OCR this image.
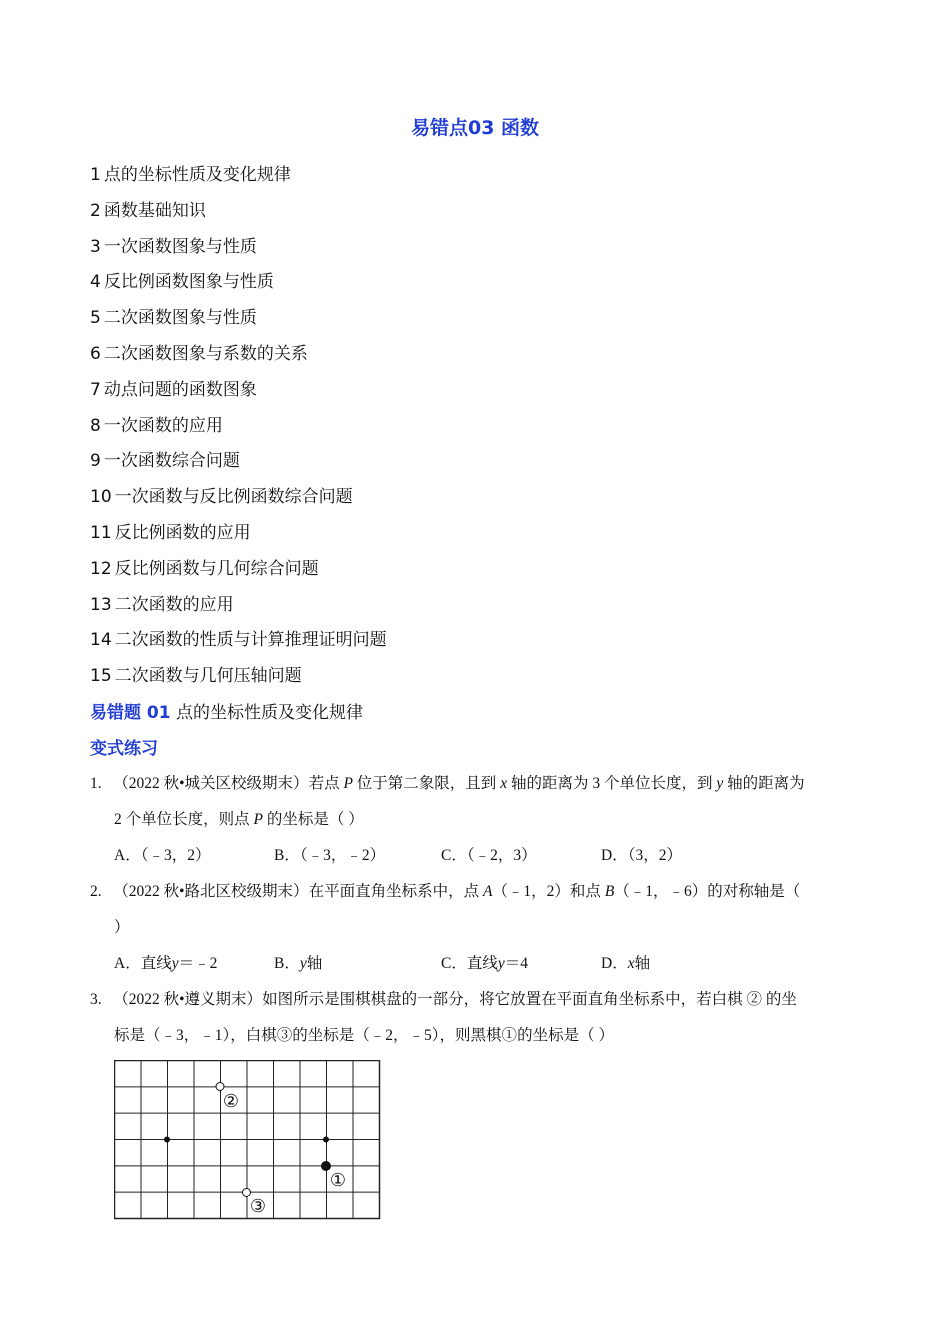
易错点03 函数
1 点的坐标性质及变化规律
2 函数基础知识
3 一次函数图象与性质
4 反比例函数图象与性质
5 二次函数图象与性质
6 二次函数图象与系数的关系
7 动点问题的函数图象
8 一次函数的应用
9 一次函数综合问题
10 一次函数与反比例函数综合问题
11 反比例函数的应用
12 反比例函数与几何综合问题
13 二次函数的应用
14 二次函数的性质与计算推理证明问题
15 二次函数与几何压轴问题
易错题 01 点的坐标性质及变化规律
变式练习
1. （2022 秋•城关区校级期末）若点 P 位于第二象限，且到 x 轴的距离为 3 个单位长度，到 y 轴的距离为
2 个单位长度，则点 P 的坐标是（ ）
A．（﹣3，2）	B．（﹣3，﹣2）	C．（﹣2，3）	D．（3，2）
2. （2022 秋•路北区校级期末）在平面直角坐标系中，点 A（﹣1，2）和点 B（﹣1，﹣6）的对称轴是（
）
A．直线y＝﹣2	B．y轴	C．直线y＝4	D．x轴
3. （2022 秋•遵义期末）如图所示是围棋棋盘的一部分，将它放置在平面直角坐标系中，若白棋 ② 的坐
标是（﹣3，﹣1），白棋③的坐标是（﹣2，﹣5），则黑棋①的坐标是（ ）
②
①
③
